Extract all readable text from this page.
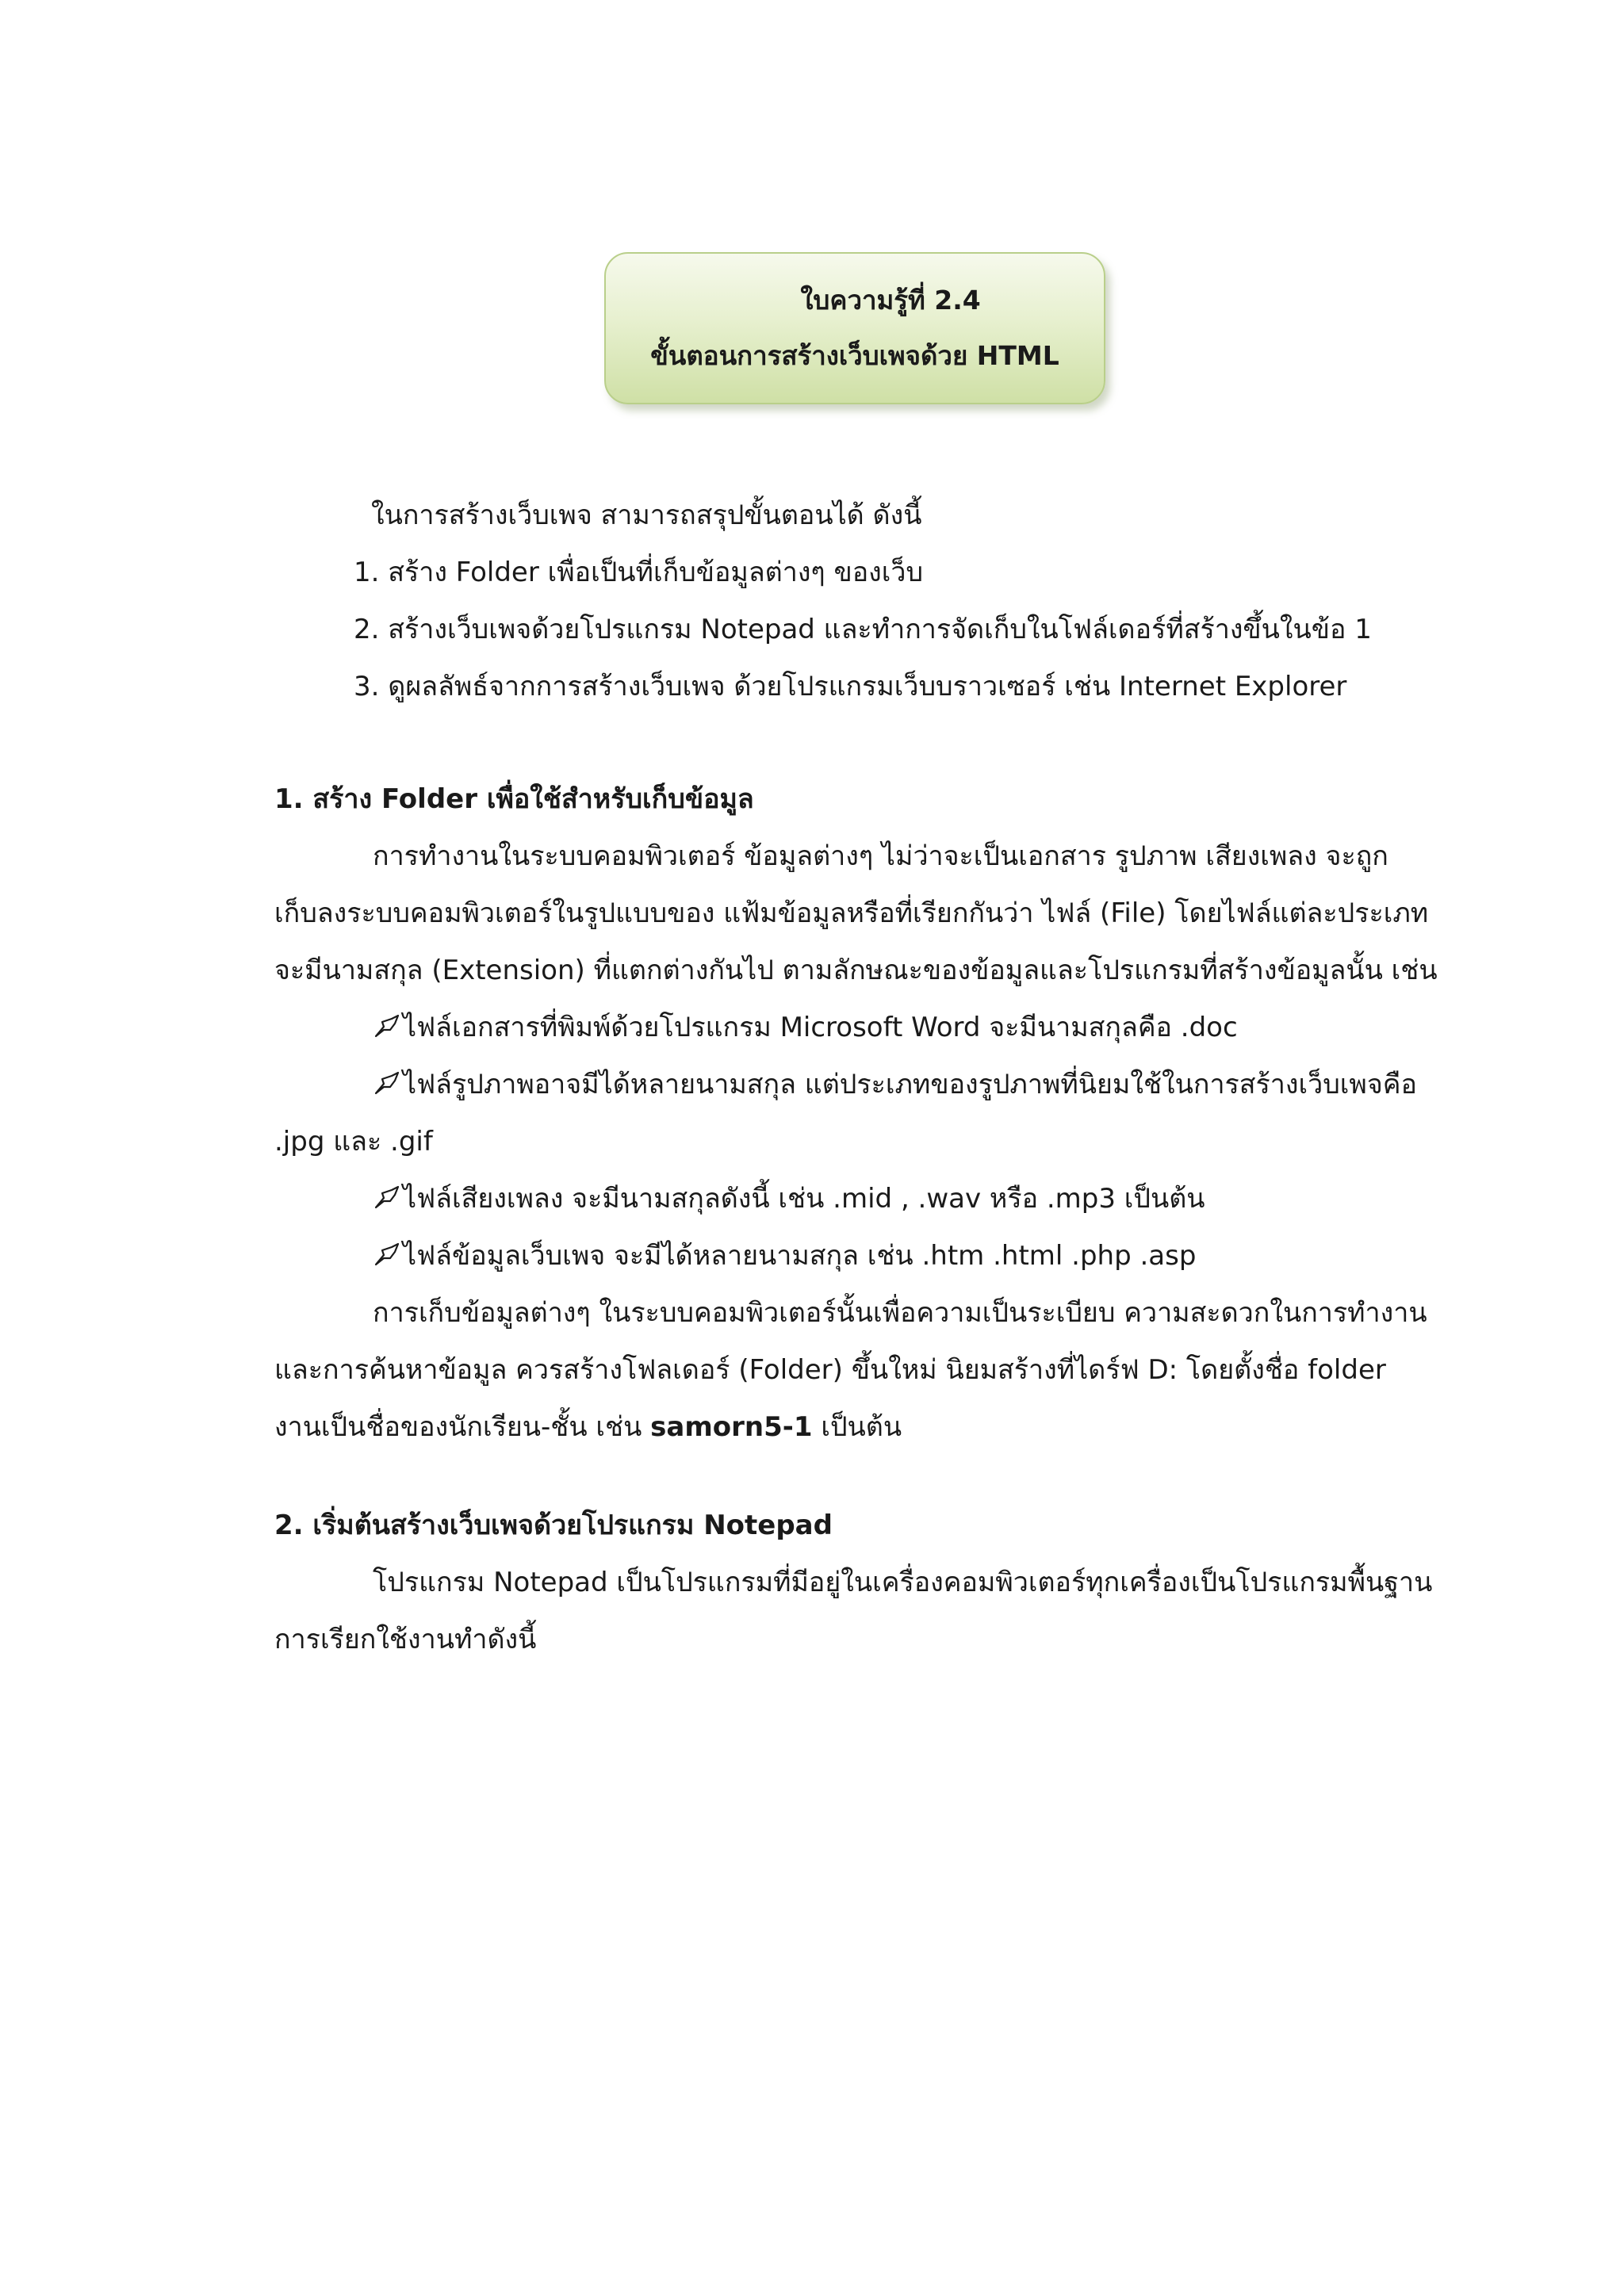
ใบความรู้ที่ 2.4
ขั้นตอนการสร้างเว็บเพจด้วย HTML
ในการสร้างเว็บเพจ สามารถสรุปขั้นตอนได้ ดังนี้
1. สร้าง Folder เพื่อเป็นที่เก็บข้อมูลต่างๆ ของเว็บ
2. สร้างเว็บเพจด้วยโปรแกรม Notepad และทำการจัดเก็บในโฟล์เดอร์ที่สร้างขึ้นในข้อ 1
3. ดูผลลัพธ์จากการสร้างเว็บเพจ ด้วยโปรแกรมเว็บบราวเซอร์ เช่น Internet Explorer
1. สร้าง Folder เพื่อใช้สำหรับเก็บข้อมูล
การทำงานในระบบคอมพิวเตอร์ ข้อมูลต่างๆ ไม่ว่าจะเป็นเอกสาร รูปภาพ เสียงเพลง จะถูก
เก็บลงระบบคอมพิวเตอร์ในรูปแบบของ แฟ้มข้อมูลหรือที่เรียกกันว่า ไฟล์ (File) โดยไฟล์แต่ละประเภท
จะมีนามสกุล (Extension) ที่แตกต่างกันไป ตามลักษณะของข้อมูลและโปรแกรมที่สร้างข้อมูลนั้น เช่น
ไฟล์เอกสารที่พิมพ์ด้วยโปรแกรม Microsoft Word จะมีนามสกุลคือ .doc
ไฟล์รูปภาพอาจมีได้หลายนามสกุล แต่ประเภทของรูปภาพที่นิยมใช้ในการสร้างเว็บเพจคือ
.jpg และ .gif
ไฟล์เสียงเพลง จะมีนามสกุลดังนี้ เช่น .mid , .wav หรือ .mp3 เป็นต้น
ไฟล์ข้อมูลเว็บเพจ จะมีได้หลายนามสกุล เช่น .htm .html .php .asp
การเก็บข้อมูลต่างๆ ในระบบคอมพิวเตอร์นั้นเพื่อความเป็นระเบียบ ความสะดวกในการทำงาน
และการค้นหาข้อมูล ควรสร้างโฟลเดอร์ (Folder) ขึ้นใหม่ นิยมสร้างที่ไดร์ฟ D: โดยตั้งชื่อ folder
งานเป็นชื่อของนักเรียน-ชั้น เช่น samorn5-1 เป็นต้น
2. เริ่มต้นสร้างเว็บเพจด้วยโปรแกรม Notepad
โปรแกรม Notepad เป็นโปรแกรมที่มีอยู่ในเครื่องคอมพิวเตอร์ทุกเครื่องเป็นโปรแกรมพื้นฐาน
การเรียกใช้งานทำดังนี้
